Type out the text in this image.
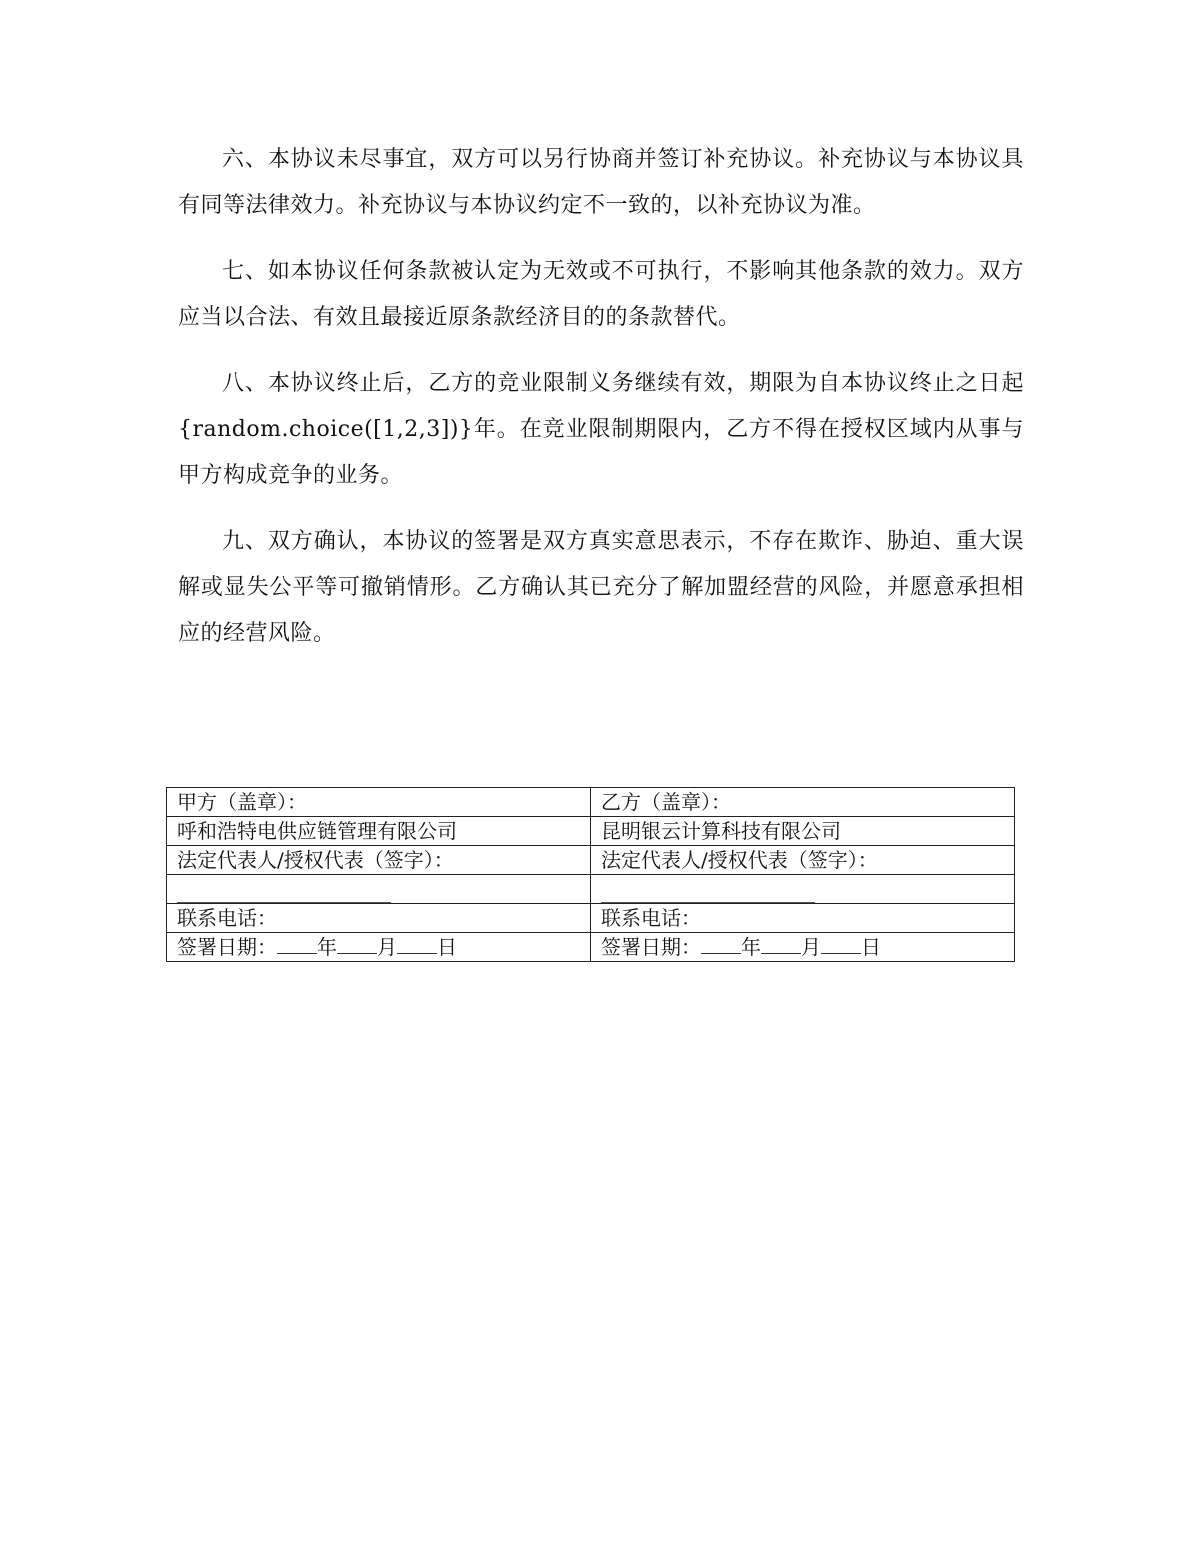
六、本协议未尽事宜，双方可以另行协商并签订补充协议。补充协议与本协议具有同等法律效力。补充协议与本协议约定不一致的，以补充协议为准。

七、如本协议任何条款被认定为无效或不可执行，不影响其他条款的效力。双方应当以合法、有效且最接近原条款经济目的的条款替代。

八、本协议终止后，乙方的竞业限制义务继续有效，期限为自本协议终止之日起{random.choice([1,2,3])}年。在竞业限制期限内，乙方不得在授权区域内从事与甲方构成竞争的业务。

九、双方确认，本协议的签署是双方真实意思表示，不存在欺诈、胁迫、重大误解或显失公平等可撤销情形。乙方确认其已充分了解加盟经营的风险，并愿意承担相应的经营风险。

甲方（盖章）：	乙方（盖章）：
呼和浩特电供应链管理有限公司	昆明银云计算科技有限公司
法定代表人/授权代表（签字）：	法定代表人/授权代表（签字）：

联系电话：	联系电话：
签署日期： 年 月 日	签署日期： 年 月 日
